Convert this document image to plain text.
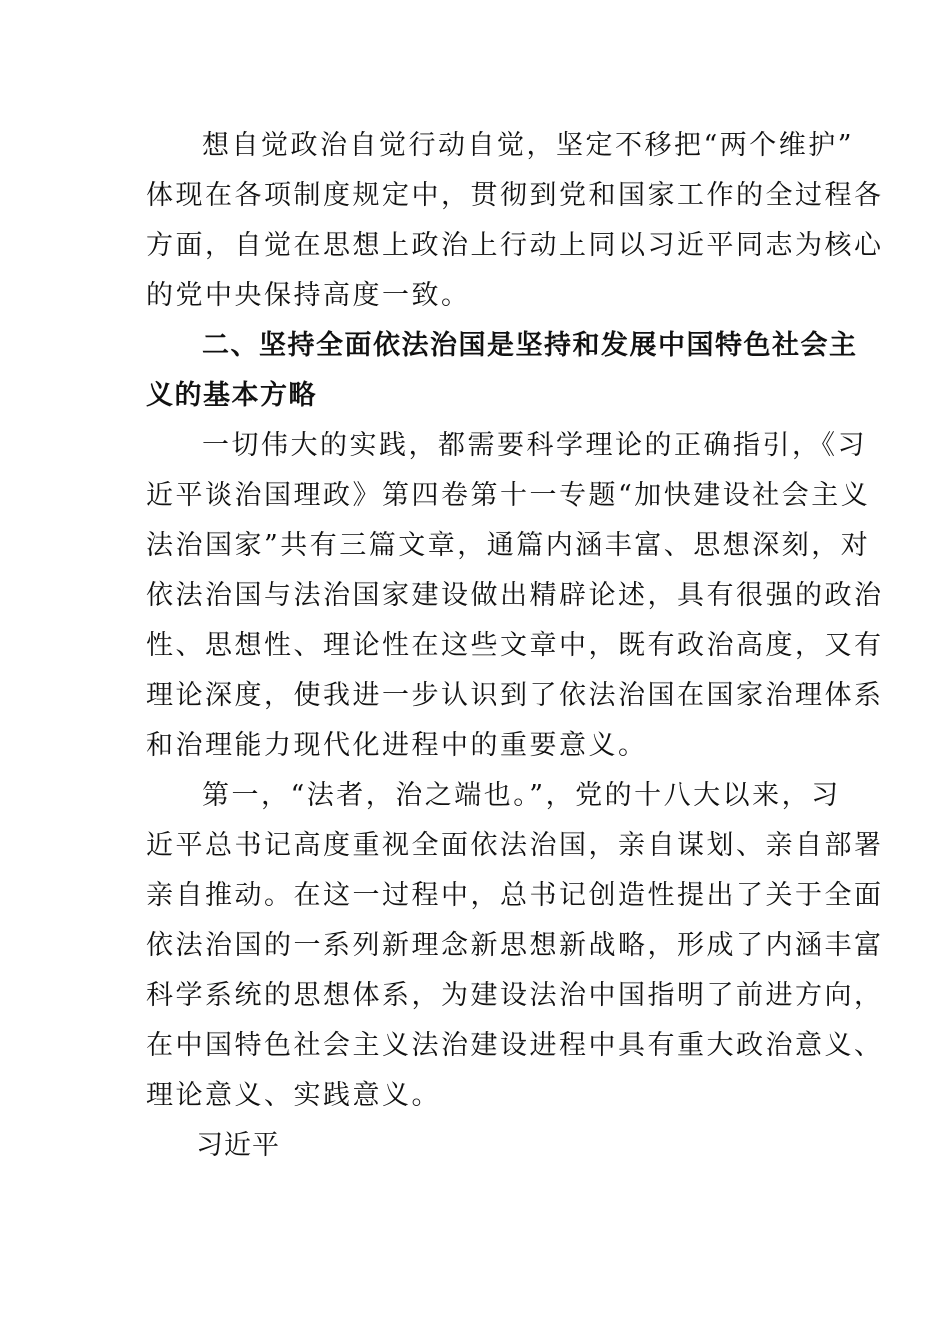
想自觉政治自觉行动自觉，坚定不移把“两个维护”
体现在各项制度规定中，贯彻到党和国家工作的全过程各
方面，自觉在思想上政治上行动上同以习近平同志为核心
的党中央保持高度一致。
二、坚持全面依法治国是坚持和发展中国特色社会主
义的基本方略
一切伟大的实践，都需要科学理论的正确指引，《习
近平谈治国理政》第四卷第十一专题“加快建设社会主义
法治国家”共有三篇文章，通篇内涵丰富、思想深刻，对
依法治国与法治国家建设做出精辟论述，具有很强的政治
性、思想性、理论性在这些文章中，既有政治高度，又有
理论深度，使我进一步认识到了依法治国在国家治理体系
和治理能力现代化进程中的重要意义。
第一，“法者，治之端也。”，党的十八大以来，习
近平总书记高度重视全面依法治国，亲自谋划、亲自部署
亲自推动。在这一过程中，总书记创造性提出了关于全面
依法治国的一系列新理念新思想新战略，形成了内涵丰富
科学系统的思想体系，为建设法治中国指明了前进方向，
在中国特色社会主义法治建设进程中具有重大政治意义、
理论意义、实践意义。
习近平
